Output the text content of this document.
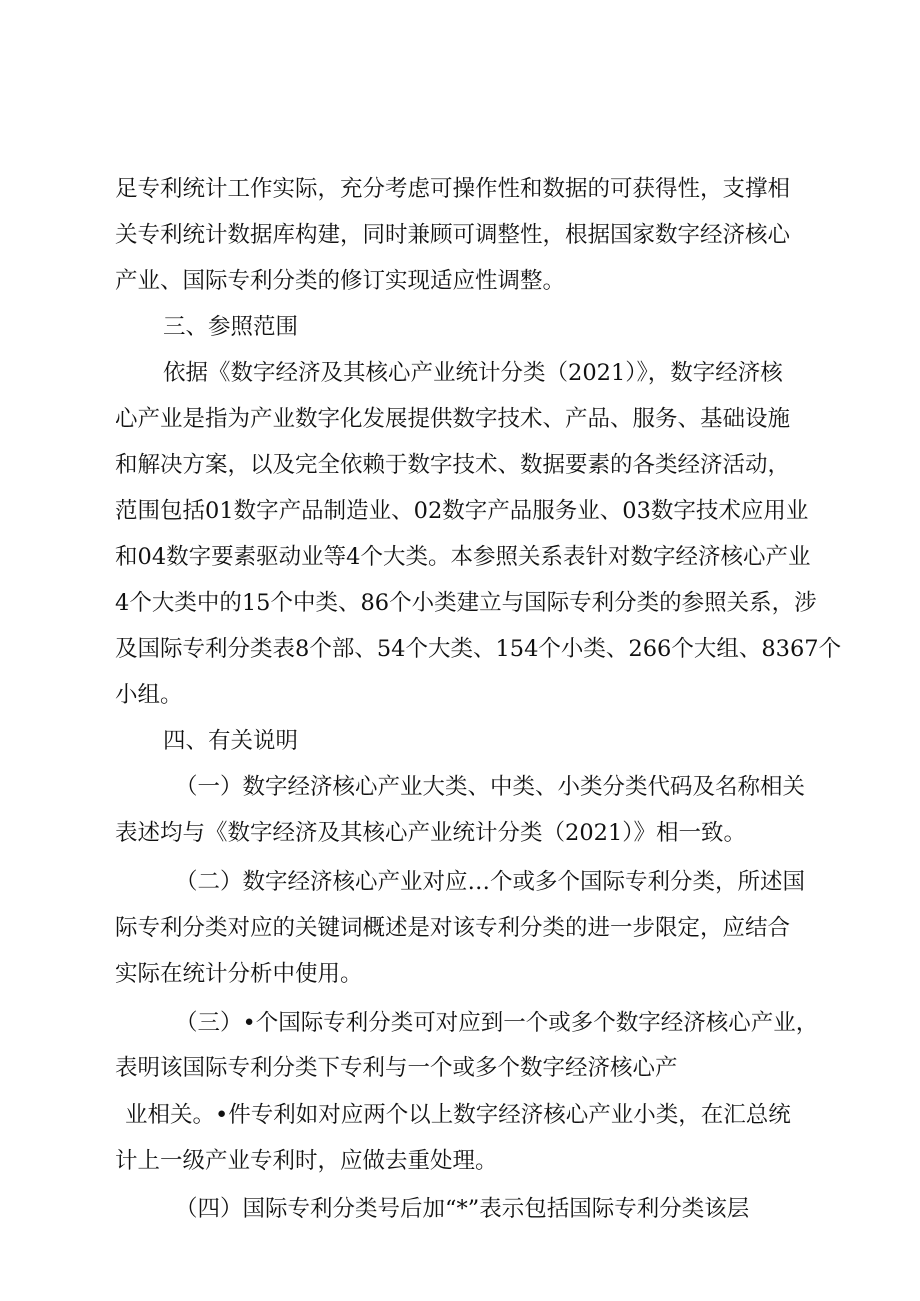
足专利统计工作实际，充分考虑可操作性和数据的可获得性，支撑相
关专利统计数据库构建，同时兼顾可调整性，根据国家数字经济核心
产业、国际专利分类的修订实现适应性调整。
三、参照范围
依据《数字经济及其核心产业统计分类（2021）》，数字经济核
心产业是指为产业数字化发展提供数字技术、产品、服务、基础设施
和解决方案，以及完全依赖于数字技术、数据要素的各类经济活动，
范围包括01数字产品制造业、02数字产品服务业、03数字技术应用业
和04数字要素驱动业等4个大类。本参照关系表针对数字经济核心产业
4个大类中的15个中类、86个小类建立与国际专利分类的参照关系，涉
及国际专利分类表8个部、54个大类、154个小类、266个大组、8367个
小组。
四、有关说明
（一）数字经济核心产业大类、中类、小类分类代码及名称相关
表述均与《数字经济及其核心产业统计分类（2021）》相一致。
（二）数字经济核心产业对应…个或多个国际专利分类，所述国
际专利分类对应的关键词概述是对该专利分类的进一步限定，应结合
实际在统计分析中使用。
（三）•个国际专利分类可对应到一个或多个数字经济核心产业，
表明该国际专利分类下专利与一个或多个数字经济核心产
业相关。•件专利如对应两个以上数字经济核心产业小类，在汇总统
计上一级产业专利时，应做去重处理。
（四）国际专利分类号后加“*”表示包括国际专利分类该层
